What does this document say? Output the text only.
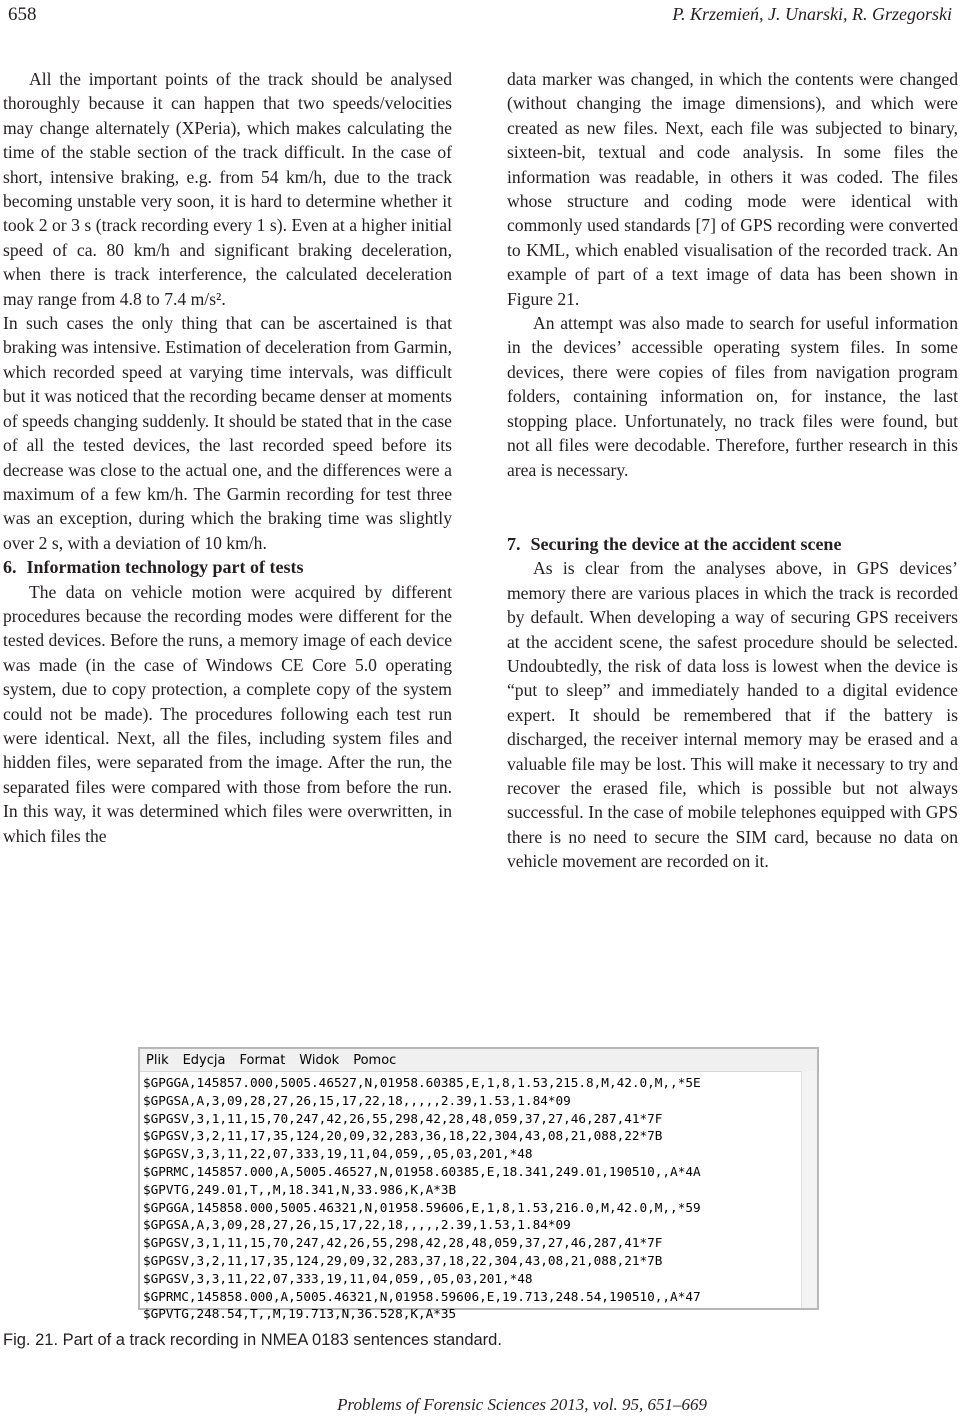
658	P. Krzemień, J. Unarski, R. Grzegorski

All the important points of the track should be analysed thoroughly because it can happen that two speeds/velocities may change alternately (XPeria), which makes calculating the time of the stable section of the track difficult. In the case of short, intensive braking, e.g. from 54 km/h, due to the track becoming unstable very soon, it is hard to determine whether it took 2 or 3 s (track recording every 1 s). Even at a higher initial speed of ca. 80 km/h and significant braking deceleration, when there is track interference, the calculated deceleration may range from 4.8 to 7.4 m/s².

In such cases the only thing that can be ascertained is that braking was intensive. Estimation of deceleration from Garmin, which recorded speed at varying time intervals, was difficult but it was noticed that the recording became denser at moments of speeds changing suddenly. It should be stated that in the case of all the tested devices, the last recorded speed before its decrease was close to the actual one, and the differences were a maximum of a few km/h. The Garmin recording for test three was an exception, during which the braking time was slightly over 2 s, with a deviation of 10 km/h.

6. Information technology part of tests

The data on vehicle motion were acquired by different procedures because the recording modes were different for the tested devices. Before the runs, a memory image of each device was made (in the case of Windows CE Core 5.0 operating system, due to copy protection, a complete copy of the system could not be made). The procedures following each test run were identical. Next, all the files, including system files and hidden files, were separated from the image. After the run, the separated files were compared with those from before the run. In this way, it was determined which files were overwritten, in which files the

data marker was changed, in which the contents were changed (without changing the image dimensions), and which were created as new files. Next, each file was subjected to binary, sixteen-bit, textual and code analysis. In some files the information was readable, in others it was coded. The files whose structure and coding mode were identical with commonly used standards [7] of GPS recording were converted to KML, which enabled visualisation of the recorded track. An example of part of a text image of data has been shown in Figure 21.

An attempt was also made to search for useful information in the devices’ accessible operating system files. In some devices, there were copies of files from navigation program folders, containing information on, for instance, the last stopping place. Unfortunately, no track files were found, but not all files were decodable. Therefore, further research in this area is necessary.

7. Securing the device at the accident scene

As is clear from the analyses above, in GPS devices’ memory there are various places in which the track is recorded by default. When developing a way of securing GPS receivers at the accident scene, the safest procedure should be selected. Undoubtedly, the risk of data loss is lowest when the device is “put to sleep” and immediately handed to a digital evidence expert. It should be remembered that if the battery is discharged, the receiver internal memory may be erased and a valuable file may be lost. This will make it necessary to try and recover the erased file, which is possible but not always successful. In the case of mobile telephones equipped with GPS there is no need to secure the SIM card, because no data on vehicle movement are recorded on it.

Plik Edycja Format Widok Pomoc
$GPGGA,145857.000,5005.46527,N,01958.60385,E,1,8,1.53,215.8,M,42.0,M,,*5E
$GPGSA,A,3,09,28,27,26,15,17,22,18,,,,,2.39,1.53,1.84*09
$GPGSV,3,1,11,15,70,247,42,26,55,298,42,28,48,059,37,27,46,287,41*7F
$GPGSV,3,2,11,17,35,124,20,09,32,283,36,18,22,304,43,08,21,088,22*7B
$GPGSV,3,3,11,22,07,333,19,11,04,059,,05,03,201,*48
$GPRMC,145857.000,A,5005.46527,N,01958.60385,E,18.341,249.01,190510,,A*4A
$GPVTG,249.01,T,,M,18.341,N,33.986,K,A*3B
$GPGGA,145858.000,5005.46321,N,01958.59606,E,1,8,1.53,216.0,M,42.0,M,,*59
$GPGSA,A,3,09,28,27,26,15,17,22,18,,,,,2.39,1.53,1.84*09
$GPGSV,3,1,11,15,70,247,42,26,55,298,42,28,48,059,37,27,46,287,41*7F
$GPGSV,3,2,11,17,35,124,29,09,32,283,37,18,22,304,43,08,21,088,21*7B
$GPGSV,3,3,11,22,07,333,19,11,04,059,,05,03,201,*48
$GPRMC,145858.000,A,5005.46321,N,01958.59606,E,19.713,248.54,190510,,A*47
$GPVTG,248.54,T,,M,19.713,N,36.528,K,A*35
Fig. 21. Part of a track recording in NMEA 0183 sentences standard.
Problems of Forensic Sciences 2013, vol. 95, 651–669
